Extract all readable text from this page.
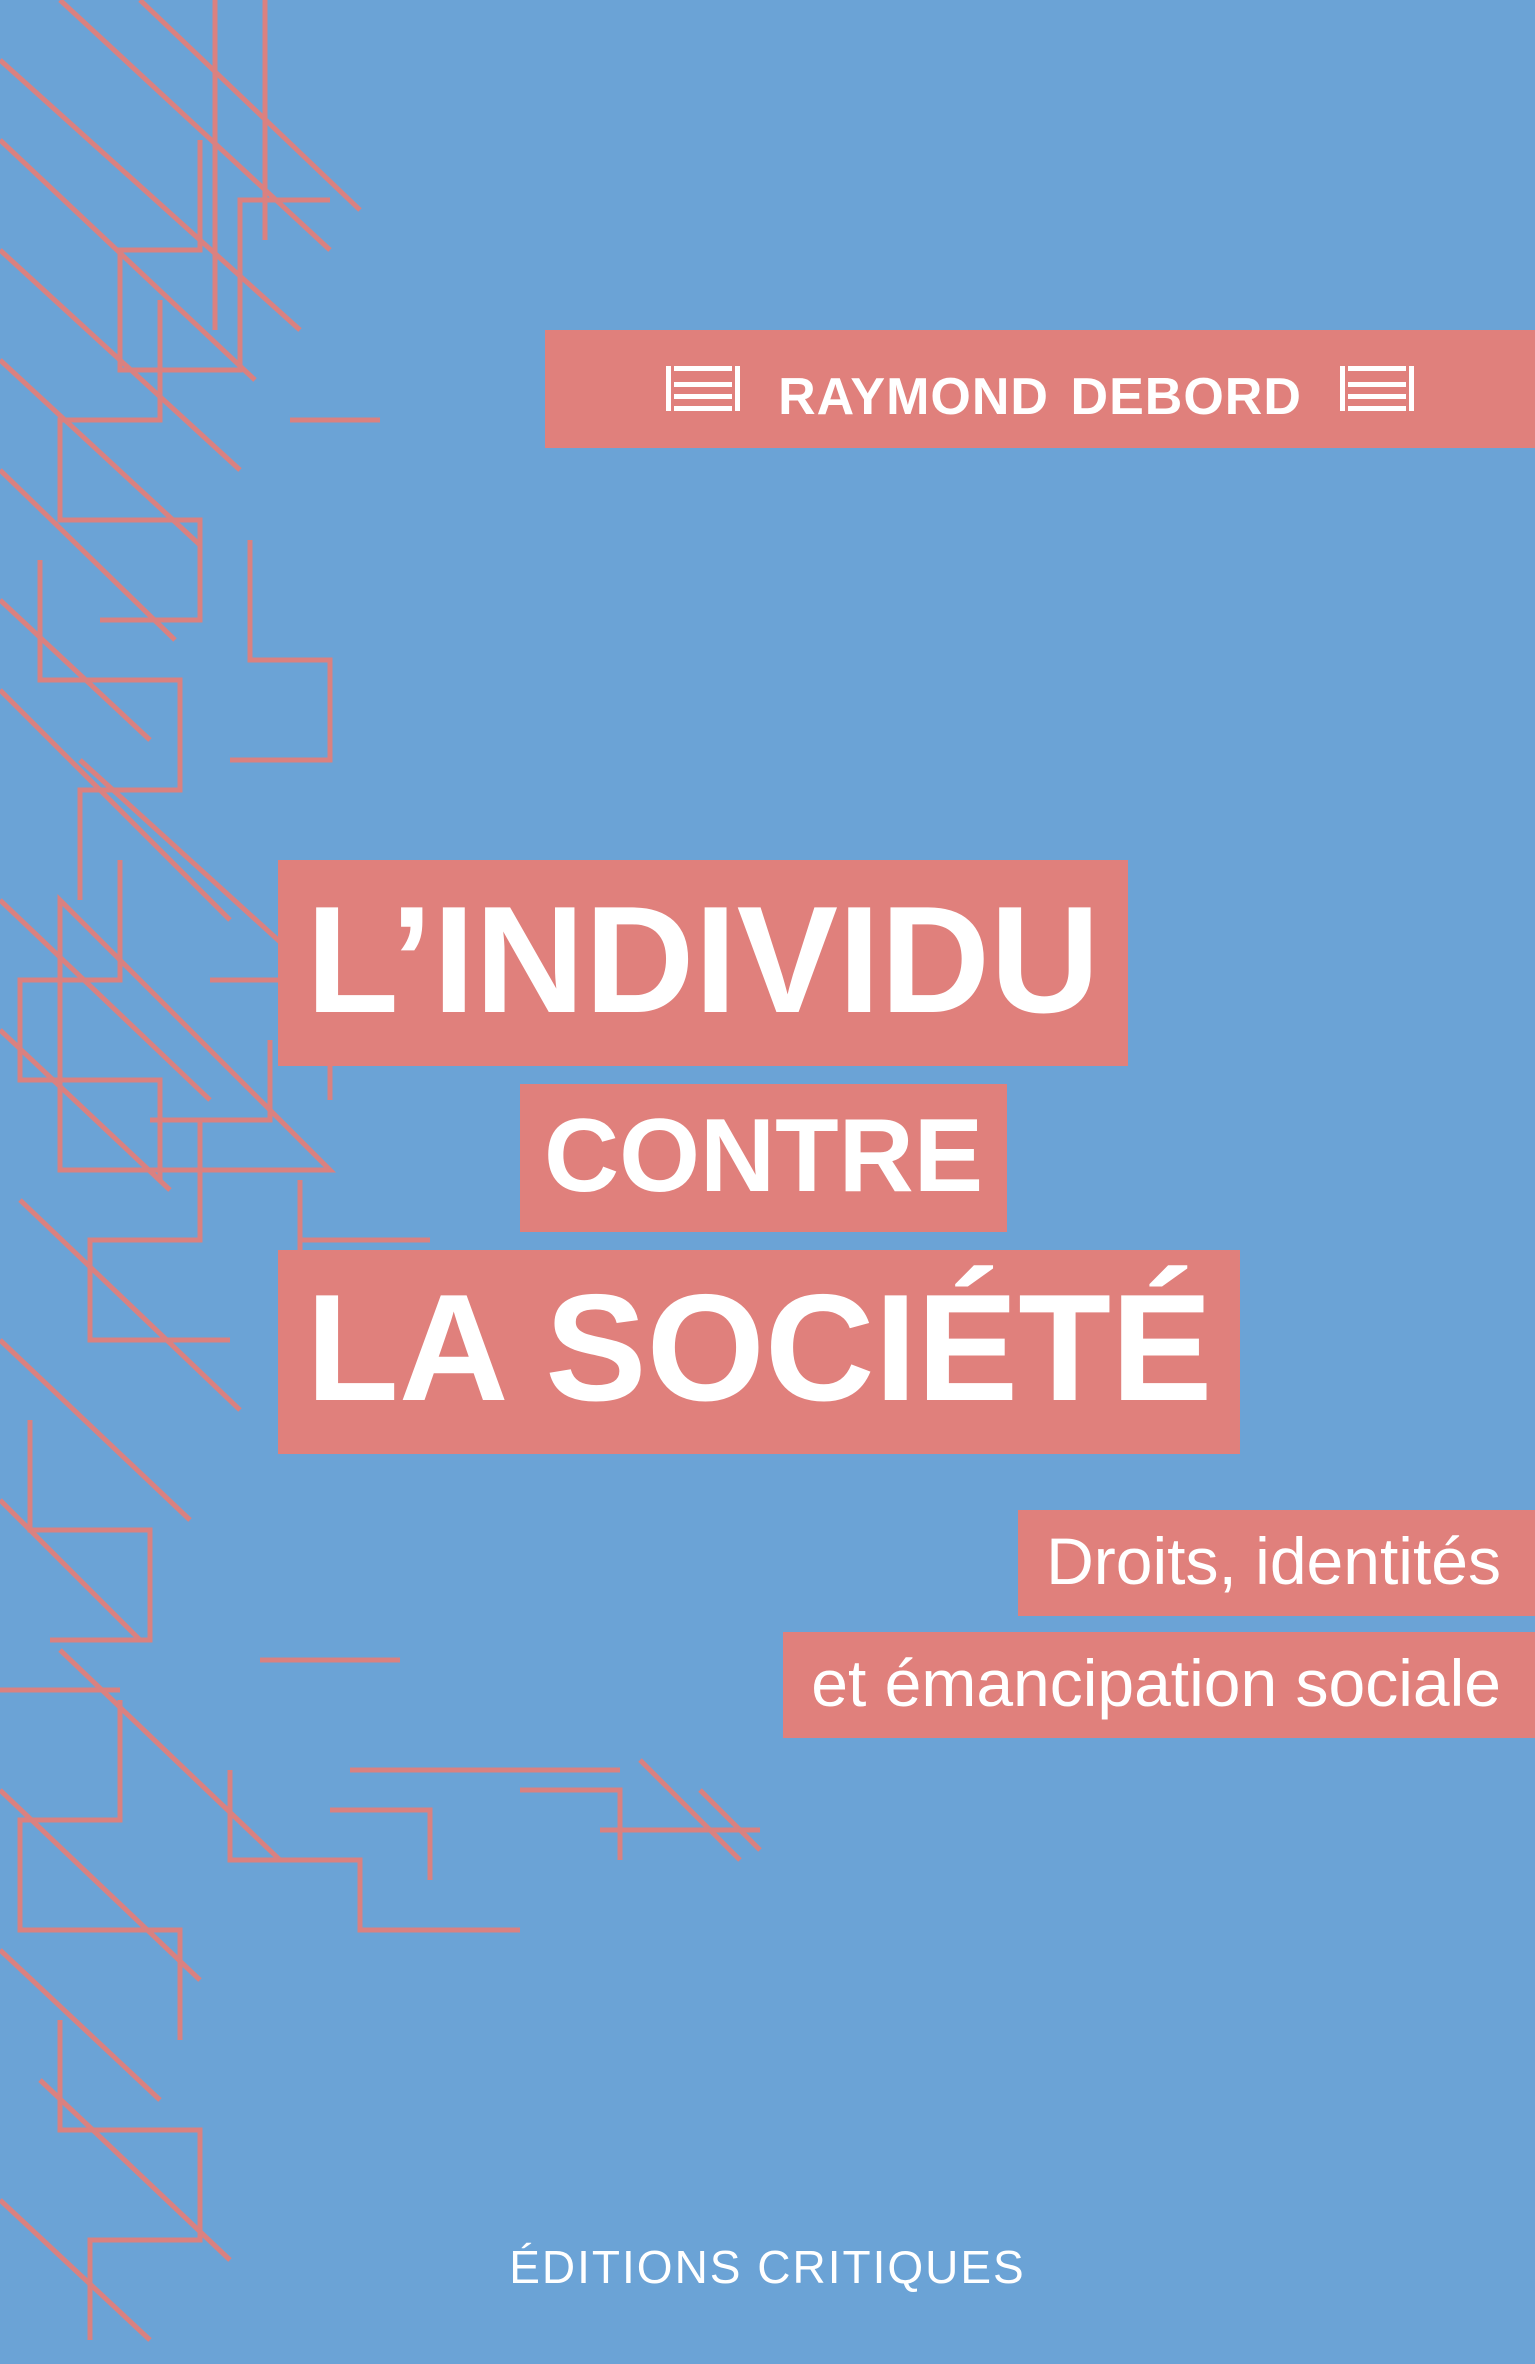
raymond debord
L’INDIVIDU
CONTRE
LA SOCIÉTÉ
Droits, identités
et émancipation sociale
ÉDITIONS CRITIQUES
